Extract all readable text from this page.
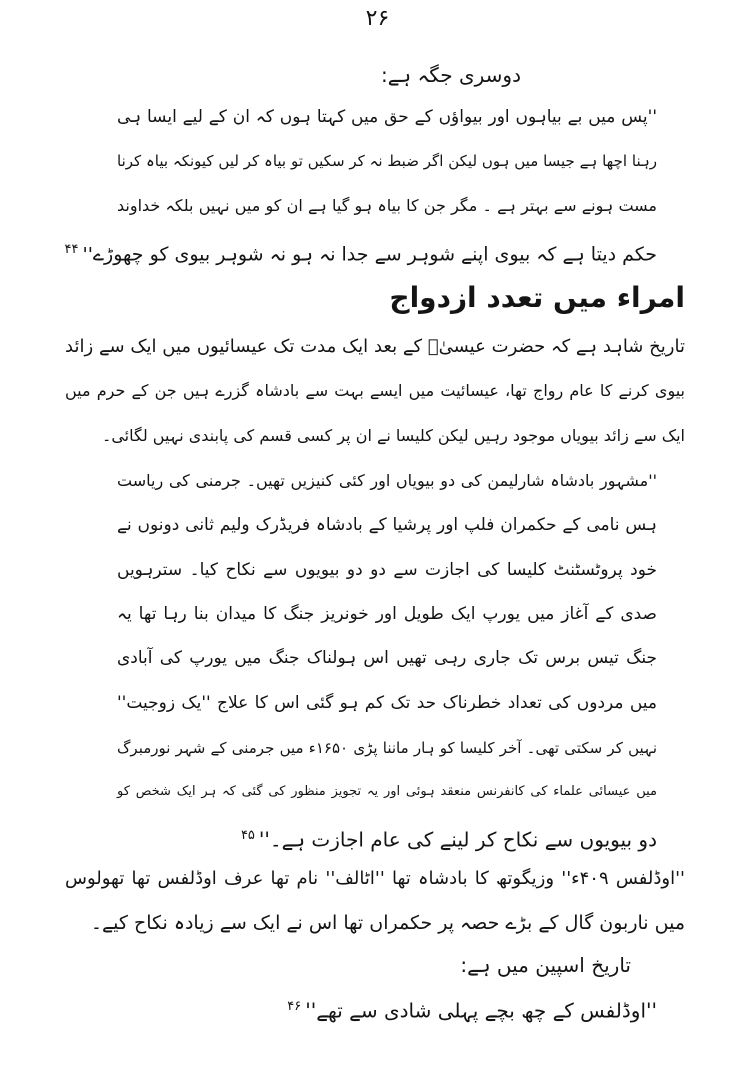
۲۶
دوسری جگہ ہے:
''پس میں بے بیاہوں اور بیواؤں کے حق میں کہتا ہوں کہ ان کے لیے ایسا ہی
رہنا اچھا ہے جیسا میں ہوں لیکن اگر ضبط نہ کر سکیں تو بیاہ کر لیں کیونکہ بیاہ کرنا
مست ہونے سے بہتر ہے ۔ مگر جن کا بیاہ ہو گیا ہے ان کو میں نہیں بلکہ خداوند
حکم دیتا ہے کہ بیوی اپنے شوہر سے جدا نہ ہو نہ شوہر بیوی کو چھوڑے''$^{۴۴}$
امراء میں تعدد ازدواج
تاریخ شاہد ہے کہ حضرت عیسیٰؑ کے بعد ایک مدت تک عیسائیوں میں ایک سے زائد
بیوی کرنے کا عام رواج تھا، عیسائیت میں ایسے بہت سے بادشاہ گزرے ہیں جن کے حرم میں
ایک سے زائد بیویاں موجود رہیں لیکن کلیسا نے ان پر کسی قسم کی پابندی نہیں لگائی۔
''مشہور بادشاہ شارلیمن کی دو بیویاں اور کئی کنیزیں تھیں۔ جرمنی کی ریاست
ہس نامی کے حکمران فلپ اور پرشیا کے بادشاہ فریڈرک ولیم ثانی دونوں نے
خود پروٹسٹنٹ کلیسا کی اجازت سے دو دو بیویوں سے نکاح کیا۔ سترہویں
صدی کے آغاز میں یورپ ایک طویل اور خونریز جنگ کا میدان بنا رہا تھا یہ
جنگ تیس برس تک جاری رہی تھیں اس ہولناک جنگ میں یورپ کی آبادی
میں مردوں کی تعداد خطرناک حد تک کم ہو گئی اس کا علاج ''یک زوجیت''
نہیں کر سکتی تھی۔ آخر کلیسا کو ہار ماننا پڑی ۱۶۵۰ء میں جرمنی کے شہر نورمبرگ
میں عیسائی علماء کی کانفرنس منعقد ہوئی اور یہ تجویز منظور کی گئی کہ ہر ایک شخص کو
دو بیویوں سے نکاح کر لینے کی عام اجازت ہے۔''$^{۴۵}$
''اوڈلفس ۴۰۹ء'' وزیگوتھ کا بادشاہ تھا ''اٹالف'' نام تھا عرف اوڈلفس تھا تھولوس
میں ناربون گال کے بڑے حصہ پر حکمراں تھا اس نے ایک سے زیادہ نکاح کیے۔
تاریخ اسپین میں ہے:
''اوڈلفس کے چھ بچے پہلی شادی سے تھے''$^{۴۶}$
